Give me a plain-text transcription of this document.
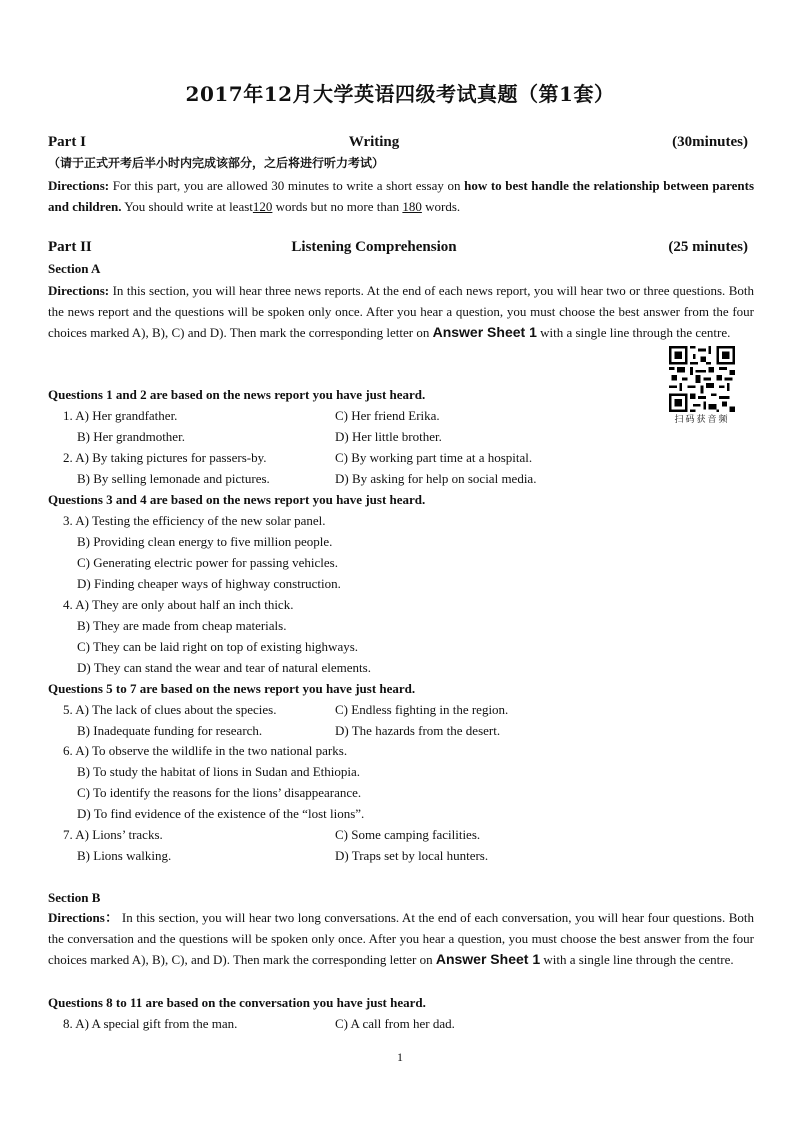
2017年12月大学英语四级考试真题（第1套）
Part I	Writing	(30minutes)
（请于正式开考后半小时内完成该部分，之后将进行听力考试）
Directions: For this part, you are allowed 30 minutes to write a short essay on how to best handle the relationship between parents and children. You should write at least120 words but no more than 180 words.
Part II	Listening Comprehension	(25 minutes)
Section A
Directions: In this section, you will hear three news reports. At the end of each news report, you will hear two or three questions. Both the news report and the questions will be spoken only once. After you hear a question, you must choose the best answer from the four choices marked A), B), C) and D). Then mark the corresponding letter on Answer Sheet 1 with a single line through the centre.
扫码获音频
Questions 1 and 2 are based on the news report you have just heard.
1. A) Her grandfather.	C) Her friend Erika.
B) Her grandmother.	D) Her little brother.
2. A) By taking pictures for passers-by.	C) By working part time at a hospital.
B) By selling lemonade and pictures.	D) By asking for help on social media.
Questions 3 and 4 are based on the news report you have just heard.
3. A) Testing the efficiency of the new solar panel.
B) Providing clean energy to five million people.
C) Generating electric power for passing vehicles.
D) Finding cheaper ways of highway construction.
4. A) They are only about half an inch thick.
B) They are made from cheap materials.
C) They can be laid right on top of existing highways.
D) They can stand the wear and tear of natural elements.
Questions 5 to 7 are based on the news report you have just heard.
5. A) The lack of clues about the species.	C) Endless fighting in the region.
B) Inadequate funding for research.	D) The hazards from the desert.
6. A) To observe the wildlife in the two national parks.
B) To study the habitat of lions in Sudan and Ethiopia.
C) To identify the reasons for the lions’ disappearance.
D) To find evidence of the existence of the “lost lions”.
7. A) Lions’ tracks.	C) Some camping facilities.
B) Lions walking.	D) Traps set by local hunters.
Section B
Directions： In this section, you will hear two long conversations. At the end of each conversation, you will hear four questions. Both the conversation and the questions will be spoken only once. After you hear a question, you must choose the best answer from the four choices marked A), B), C), and D). Then mark the corresponding letter on Answer Sheet 1 with a single line through the centre.
Questions 8 to 11 are based on the conversation you have just heard.
8. A) A special gift from the man.	C) A call from her dad.
1
